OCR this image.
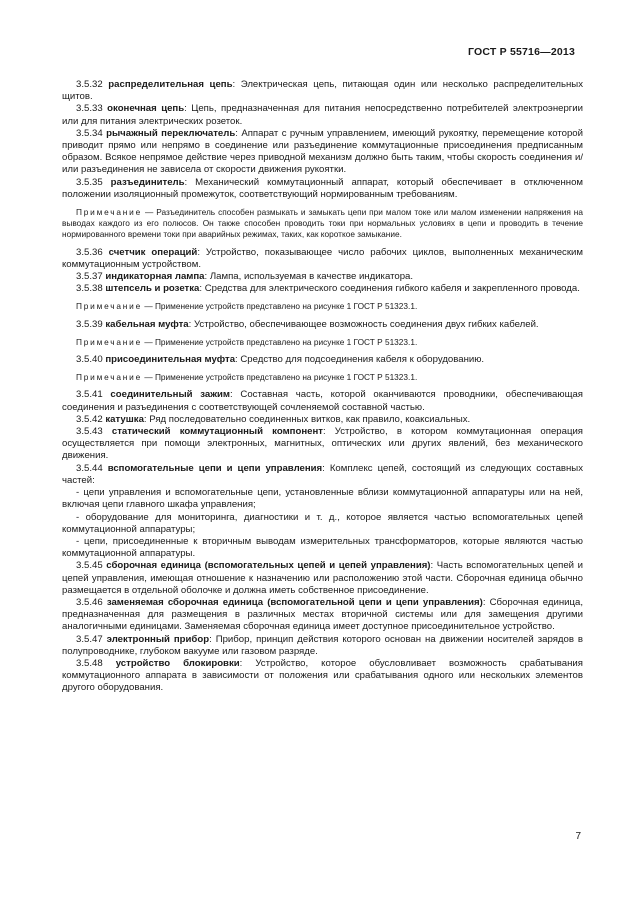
ГОСТ Р 55716—2013

3.5.32 распределительная цепь: Электрическая цепь, питающая один или несколько распределительных щитов.

3.5.33 оконечная цепь: Цепь, предназначенная для питания непосредственно потребителей электроэнергии или для питания электрических розеток.

3.5.34 рычажный переключатель: Аппарат с ручным управлением, имеющий рукоятку, перемещение которой приводит прямо или непрямо в соединение или разъединение коммутационные присоединения предписанным образом. Всякое непрямое действие через приводной механизм должно быть таким, чтобы скорость соединения и/или разъединения не зависела от скорости движения рукоятки.

3.5.35 разъединитель: Механический коммутационный аппарат, который обеспечивает в отключенном положении изоляционный промежуток, соответствующий нормированным требованиям.

Примечание — Разъединитель способен размыкать и замыкать цепи при малом токе или малом изменении напряжения на выводах каждого из его полюсов. Он также способен проводить токи при нормальных условиях в цепи и проводить в течение нормированного времени токи при аварийных режимах, таких, как короткое замыкание.

3.5.36 счетчик операций: Устройство, показывающее число рабочих циклов, выполненных механическим коммутационным устройством.

3.5.37 индикаторная лампа: Лампа, используемая в качестве индикатора.

3.5.38 штепсель и розетка: Средства для электрического соединения гибкого кабеля и закрепленного провода.

Примечание — Применение устройств представлено на рисунке 1 ГОСТ Р 51323.1.

3.5.39 кабельная муфта: Устройство, обеспечивающее возможность соединения двух гибких кабелей.

Примечание — Применение устройств представлено на рисунке 1 ГОСТ Р 51323.1.

3.5.40 присоединительная муфта: Средство для подсоединения кабеля к оборудованию.

Примечание — Применение устройств представлено на рисунке 1 ГОСТ Р 51323.1.

3.5.41 соединительный зажим: Составная часть, которой оканчиваются проводники, обеспечивающая соединения и разъединения с соответствующей сочленяемой составной частью.

3.5.42 катушка: Ряд последовательно соединенных витков, как правило, коаксиальных.

3.5.43 статический коммутационный компонент: Устройство, в котором коммутационная операция осуществляется при помощи электронных, магнитных, оптических или других явлений, без механического движения.

3.5.44 вспомогательные цепи и цепи управления: Комплекс цепей, состоящий из следующих составных частей:

- цепи управления и вспомогательные цепи, установленные вблизи коммутационной аппаратуры или на ней, включая цепи главного шкафа управления;

- оборудование для мониторинга, диагностики и т. д., которое является частью вспомогательных цепей коммутационной аппаратуры;

- цепи, присоединенные к вторичным выводам измерительных трансформаторов, которые являются частью коммутационной аппаратуры.

3.5.45 сборочная единица (вспомогательных цепей и цепей управления): Часть вспомогательных цепей и цепей управления, имеющая отношение к назначению или расположению этой части. Сборочная единица обычно размещается в отдельной оболочке и должна иметь собственное присоединение.

3.5.46 заменяемая сборочная единица (вспомогательной цепи и цепи управления): Сборочная единица, предназначенная для размещения в различных местах вторичной системы или для замещения другими аналогичными единицами. Заменяемая сборочная единица имеет доступное присоединительное устройство.

3.5.47 электронный прибор: Прибор, принцип действия которого основан на движении носителей зарядов в полупроводнике, глубоком вакууме или газовом разряде.

3.5.48 устройство блокировки: Устройство, которое обусловливает возможность срабатывания коммутационного аппарата в зависимости от положения или срабатывания одного или нескольких элементов другого оборудования.

7
